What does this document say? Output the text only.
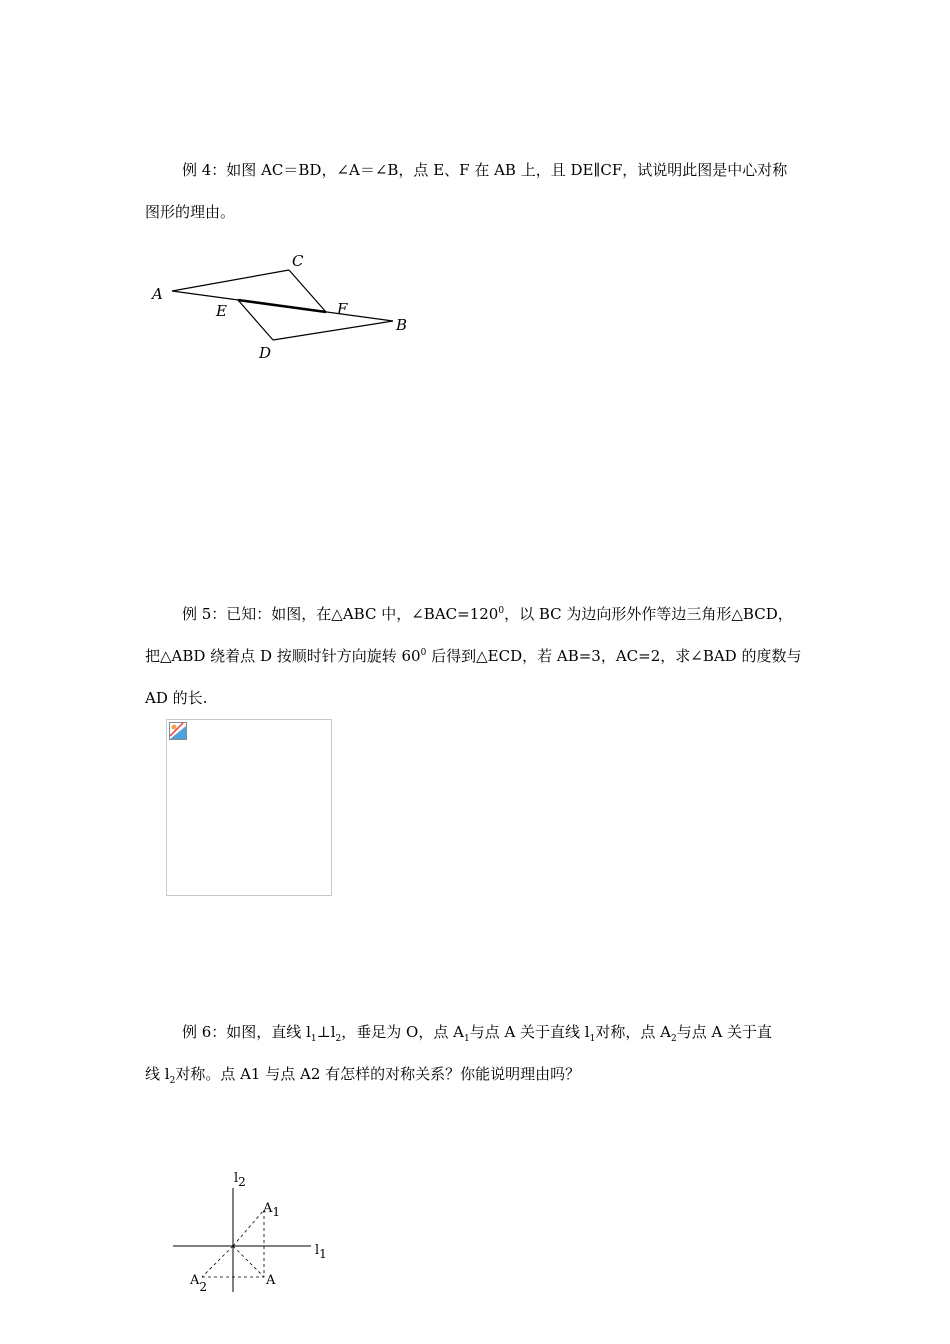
例 4：如图 AC＝BD，∠A＝∠B，点 E、F 在 AB 上，且 DE∥CF，试说明此图是中心对称
图形的理由。
A
C
E	F
B
D
例 5：已知：如图，在△ABC 中，$\angle BAC=120^0$，以 BC 为边向形外作等边三角形△BCD，
把△ABD 绕着点 D 按顺时针方向旋转 $60^0$ 后得到△ECD，若 AB=3，AC=2，求∠BAD 的度数与
AD 的长.
例 6：如图，直线 $l_1\perp l_2$，垂足为 O，点 $A_1$与点 A 关于直线 $l_1$对称，点 $A_2$与点 A 关于直
线 $l_2$对称。点 A1 与点 A2 有怎样的对称关系？你能说明理由吗？
l2
l1
A1
A2	A
